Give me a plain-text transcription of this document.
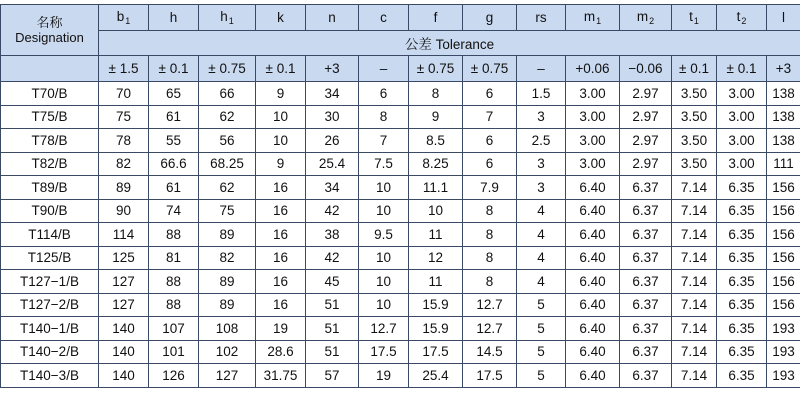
名称
Designation	$b_1$	h	$h_1$	k	n	c	f	g	rs	$m_1$	$m_2$	$t_1$	$t_2$	l
	公差 Tolerance													
	± 1.5	± 0.1	± 0.75	± 0.1	+3	–	± 0.75	± 0.75	–	+0.06	−0.06	± 0.1	± 0.1	+3
T70/B	70	65	66	9	34	6	8	6	1.5	3.00	2.97	3.50	3.00	138
T75/B	75	61	62	10	30	8	9	7	3	3.00	2.97	3.50	3.00	138
T78/B	78	55	56	10	26	7	8.5	6	2.5	3.00	2.97	3.50	3.00	138
T82/B	82	66.6	68.25	9	25.4	7.5	8.25	6	3	3.00	2.97	3.50	3.00	111
T89/B	89	61	62	16	34	10	11.1	7.9	3	6.40	6.37	7.14	6.35	156
T90/B	90	74	75	16	42	10	10	8	4	6.40	6.37	7.14	6.35	156
T114/B	114	88	89	16	38	9.5	11	8	4	6.40	6.37	7.14	6.35	156
T125/B	125	81	82	16	42	10	12	8	4	6.40	6.37	7.14	6.35	156
T127−1/B	127	88	89	16	45	10	11	8	4	6.40	6.37	7.14	6.35	156
T127−2/B	127	88	89	16	51	10	15.9	12.7	5	6.40	6.37	7.14	6.35	156
T140−1/B	140	107	108	19	51	12.7	15.9	12.7	5	6.40	6.37	7.14	6.35	193
T140−2/B	140	101	102	28.6	51	17.5	17.5	14.5	5	6.40	6.37	7.14	6.35	193
T140−3/B	140	126	127	31.75	57	19	25.4	17.5	5	6.40	6.37	7.14	6.35	193
